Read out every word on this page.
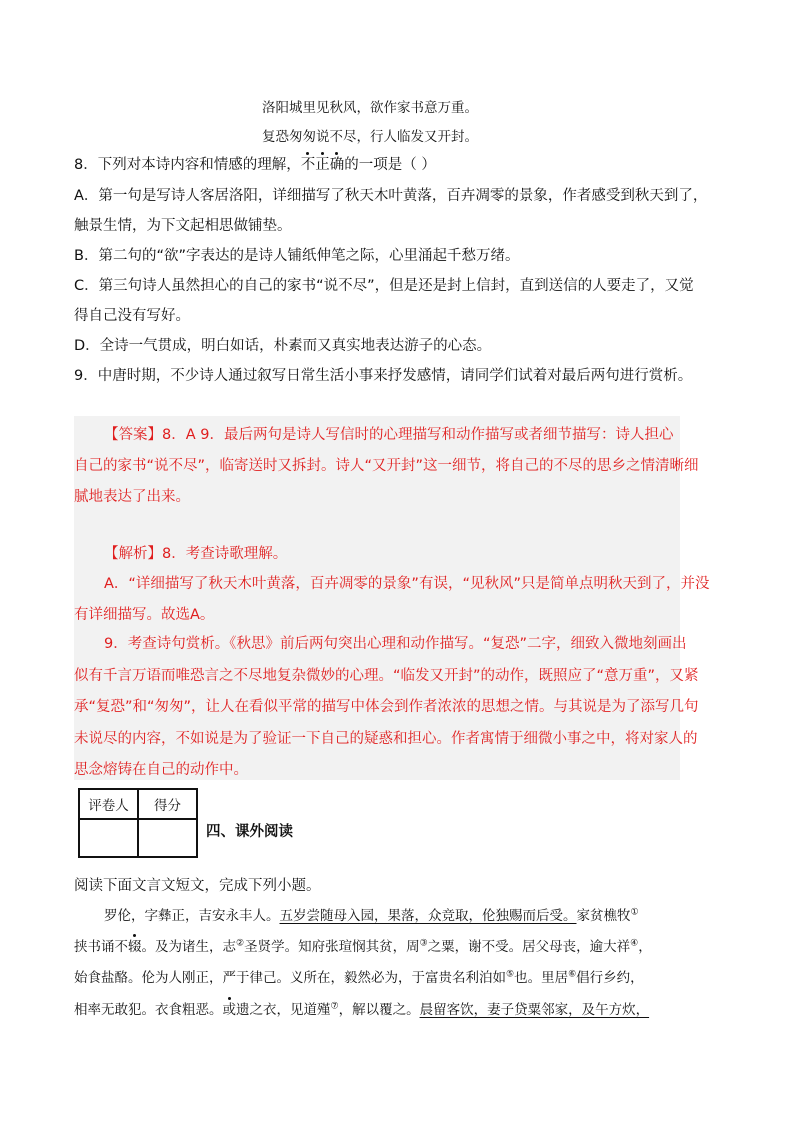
洛阳城里见秋风，欲作家书意万重。
复恐匆匆说不尽，行人临发又开封。
8．下列对本诗内容和情感的理解，不正确的一项是（ ）
A．第一句是写诗人客居洛阳，详细描写了秋天木叶黄落，百卉凋零的景象，作者感受到秋天到了，
触景生情，为下文起相思做铺垫。
B．第二句的“欲”字表达的是诗人铺纸伸笔之际，心里涌起千愁万绪。
C．第三句诗人虽然担心的自己的家书“说不尽”，但是还是封上信封，直到送信的人要走了，又觉
得自己没有写好。
D．全诗一气贯成，明白如话，朴素而又真实地表达游子的心态。
9．中唐时期，不少诗人通过叙写日常生活小事来抒发感情，请同学们试着对最后两句进行赏析。
【答案】8．A 9．最后两句是诗人写信时的心理描写和动作描写或者细节描写：诗人担心
自己的家书“说不尽”，临寄送时又拆封。诗人“又开封”这一细节，将自己的不尽的思乡之情清晰细
腻地表达了出来。
【解析】8．考查诗歌理解。
A．“详细描写了秋天木叶黄落，百卉凋零的景象”有误，“见秋风”只是简单点明秋天到了，并没
有详细描写。故选A。
9．考查诗句赏析。《秋思》前后两句突出心理和动作描写。“复恐”二字，细致入微地刻画出
似有千言万语而唯恐言之不尽地复杂微妙的心理。“临发又开封”的动作，既照应了“意万重”，又紧
承“复恐”和“匆匆”，让人在看似平常的描写中体会到作者浓浓的思想之情。与其说是为了添写几句
未说尽的内容，不如说是为了验证一下自己的疑惑和担心。作者寓情于细微小事之中，将对家人的
思念熔铸在自己的动作中。
评卷人	得分

四、课外阅读
阅读下面文言文短文，完成下列小题。
罗伦，字彝正，吉安永丰人。五岁尝随母入园，果落，众竞取，伦独赐而后受。家贫樵牧①
挟书诵不辍。及为诸生，志②圣贤学。知府张瑄悯其贫，周③之粟，谢不受。居父母丧，逾大祥④，
始食盐酪。伦为人刚正，严于律己。义所在，毅然必为，于富贵名利泊如⑤也。里居⑥倡行乡约，
相率无敢犯。衣食粗恶。或遗之衣，见道殣⑦，解以覆之。晨留客饮，妻子贷粟邻家，及午方炊，
